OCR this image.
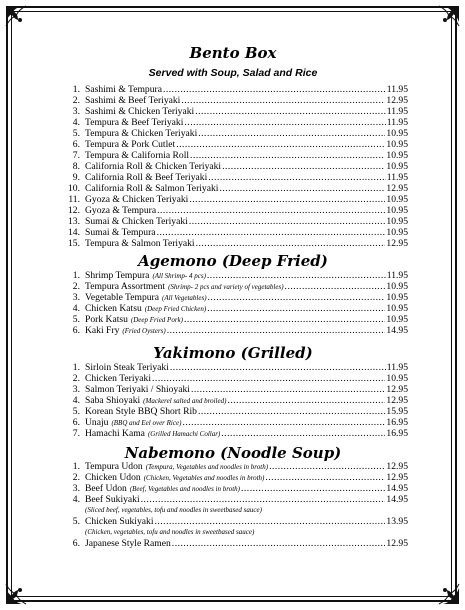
Bento Box
Served with Soup, Salad and Rice
1. Sashimi & Tempura .....	11.95
2. Sashimi & Beef Teriyaki .....	12.95
3. Sashimi & Chicken Teriyaki .....	11.95
4. Tempura & Beef Teriyaki .....	11.95
5. Tempura & Chicken Teriyaki .....	10.95
6. Tempura & Pork Cutlet .....	10.95
7. Tempura & California Roll .....	10.95
8. California Roll & Chicken Teriyaki .....	10.95
9. California Roll & Beef Teriyaki .....	11.95
10. California Roll & Salmon Teriyaki .....	12.95
11. Gyoza & Chicken Teriyaki .....	10.95
12. Gyoza & Tempura .....	10.95
13. Sumai & Chicken Teriyaki .....	10.95
14. Sumai & Tempura .....	10.95
15. Tempura & Salmon Teriyaki .....	12.95
Agemono (Deep Fried)
1. Shrimp Tempura (All Shrimp- 4 pcs) .....	11.95
2. Tempura Assortment (Shrimp- 2 pcs and variety of vegetables) .....	10.95
3. Vegetable Tempura (All Vegetables) .....	10.95
4. Chicken Katsu (Deep Fried Chicken) .....	10.95
5. Pork Katsu (Deep Fried Pork) .....	10.95
6. Kaki Fry (Fried Oysters) .....	14.95
Yakimono (Grilled)
1. Sirloin Steak Teriyaki .....	11.95
2. Chicken Teriyaki .....	10.95
3. Salmon Teriyaki / Shioyaki .....	12.95
4. Saba Shioyaki (Mackerel salted and broiled) .....	12.95
5. Korean Style BBQ Short Rib .....	15.95
6. Unaju (BBQ and Eel over Rice) .....	16.95
7. Hamachi Kama (Grilled Hamachi Collar) .....	16.95
Nabemono (Noodle Soup)
1. Tempura Udon (Tempura, Vegetables and noodles in broth) .....	12.95
2. Chicken Udon (Chicken, Vegetables and noodles in broth) .....	12.95
3. Beef Udon (Beef, Vegetables and noodles in broth) .....	14.95
4. Beef Sukiyaki .....	14.95
(Sliced beef, vegetables, tofu and noodles in sweetbased sauce)
5. Chicken Sukiyaki .....	13.95
(Chicken, vegetables, tofu and noodles in sweetbased sauce)
6. Japanese Style Ramen .....	12.95
